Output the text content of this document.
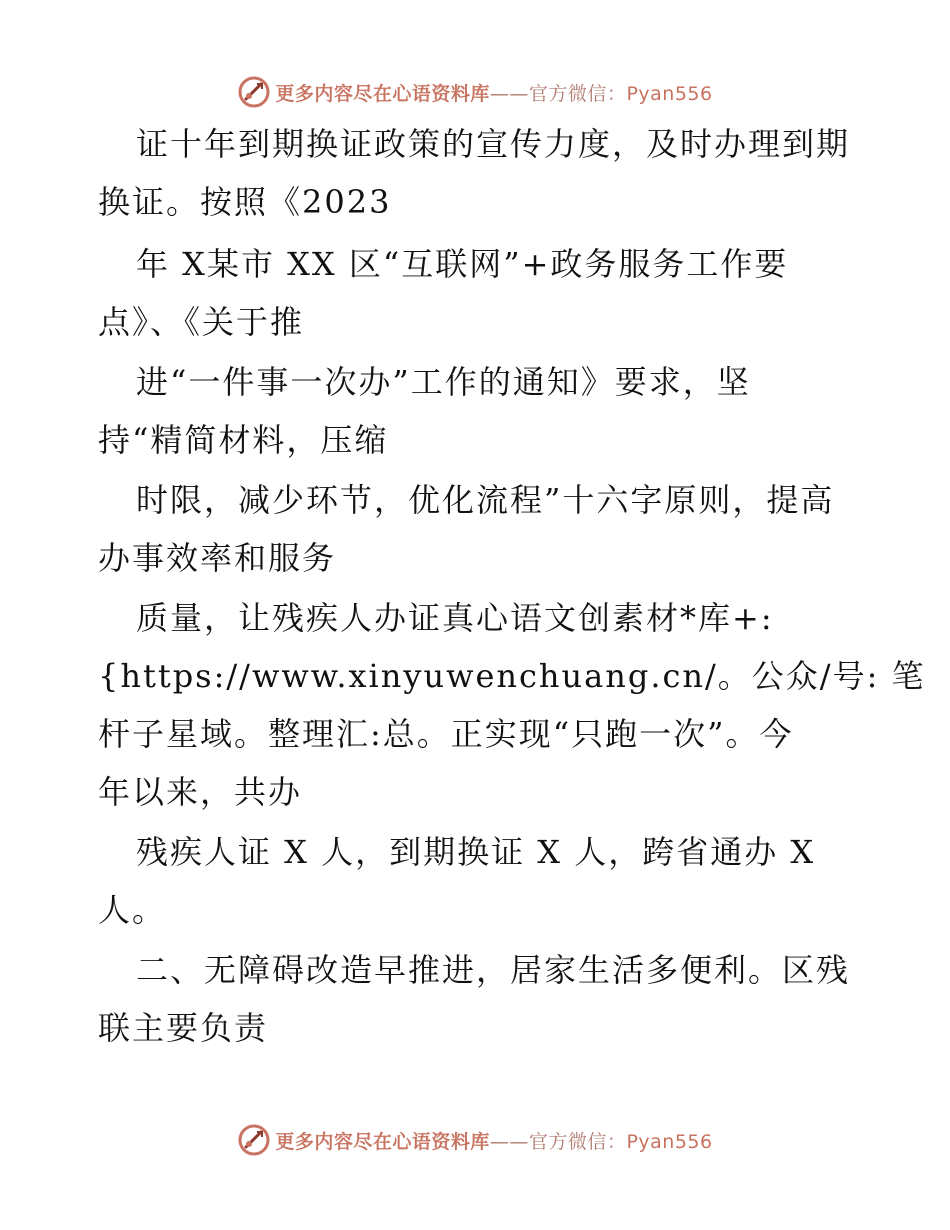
更多内容尽在心语资料库——官方微信：Pyan556
证十年到期换证政策的宣传力度，及时办理到期
换证。按照《2023
年 X某市 XX 区“互联网”+政务服务工作要
点》、《关于推
进“一件事一次办”工作的通知》要求，坚
持“精简材料，压缩
时限，减少环节，优化流程”十六字原则，提高
办事效率和服务
质量，让残疾人办证真心语文创素材*库+:
{https://www.xinyuwenchuang.cn/。公众/号: 笔
杆子星域。整理汇:总。正实现“只跑一次”。今
年以来，共办
残疾人证 X 人，到期换证 X 人，跨省通办 X
人。
二、无障碍改造早推进，居家生活多便利。区残
联主要负责
更多内容尽在心语资料库——官方微信：Pyan556
